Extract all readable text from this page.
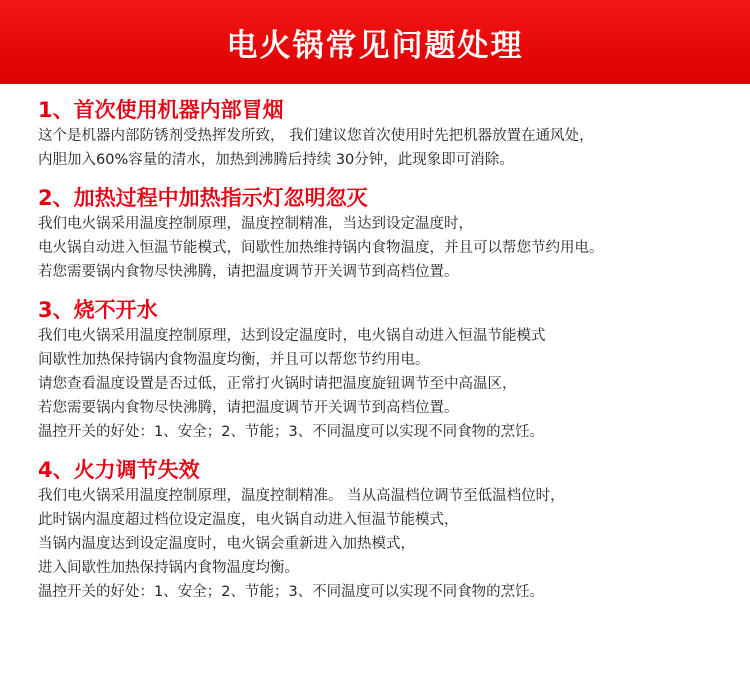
电火锅常见问题处理
1、首次使用机器内部冒烟
这个是机器内部防锈剂受热挥发所致， 我们建议您首次使用时先把机器放置在通风处，
内胆加入60%容量的清水，加热到沸腾后持续 30分钟，此现象即可消除。
2、加热过程中加热指示灯忽明忽灭
我们电火锅采用温度控制原理，温度控制精准，当达到设定温度时，
电火锅自动进入恒温节能模式，间歇性加热维持锅内食物温度，并且可以帮您节约用电。
若您需要锅内食物尽快沸腾，请把温度调节开关调节到高档位置。
3、烧不开水
我们电火锅采用温度控制原理，达到设定温度时，电火锅自动进入恒温节能模式
间歇性加热保持锅内食物温度均衡，并且可以帮您节约用电。
请您查看温度设置是否过低，正常打火锅时请把温度旋钮调节至中高温区，
若您需要锅内食物尽快沸腾，请把温度调节开关调节到高档位置。
温控开关的好处：1、安全；2、节能；3、不同温度可以实现不同食物的烹饪。
4、火力调节失效
我们电火锅采用温度控制原理，温度控制精准。 当从高温档位调节至低温档位时，
此时锅内温度超过档位设定温度，电火锅自动进入恒温节能模式，
当锅内温度达到设定温度时，电火锅会重新进入加热模式，
进入间歇性加热保持锅内食物温度均衡。
温控开关的好处：1、安全；2、节能；3、不同温度可以实现不同食物的烹饪。
